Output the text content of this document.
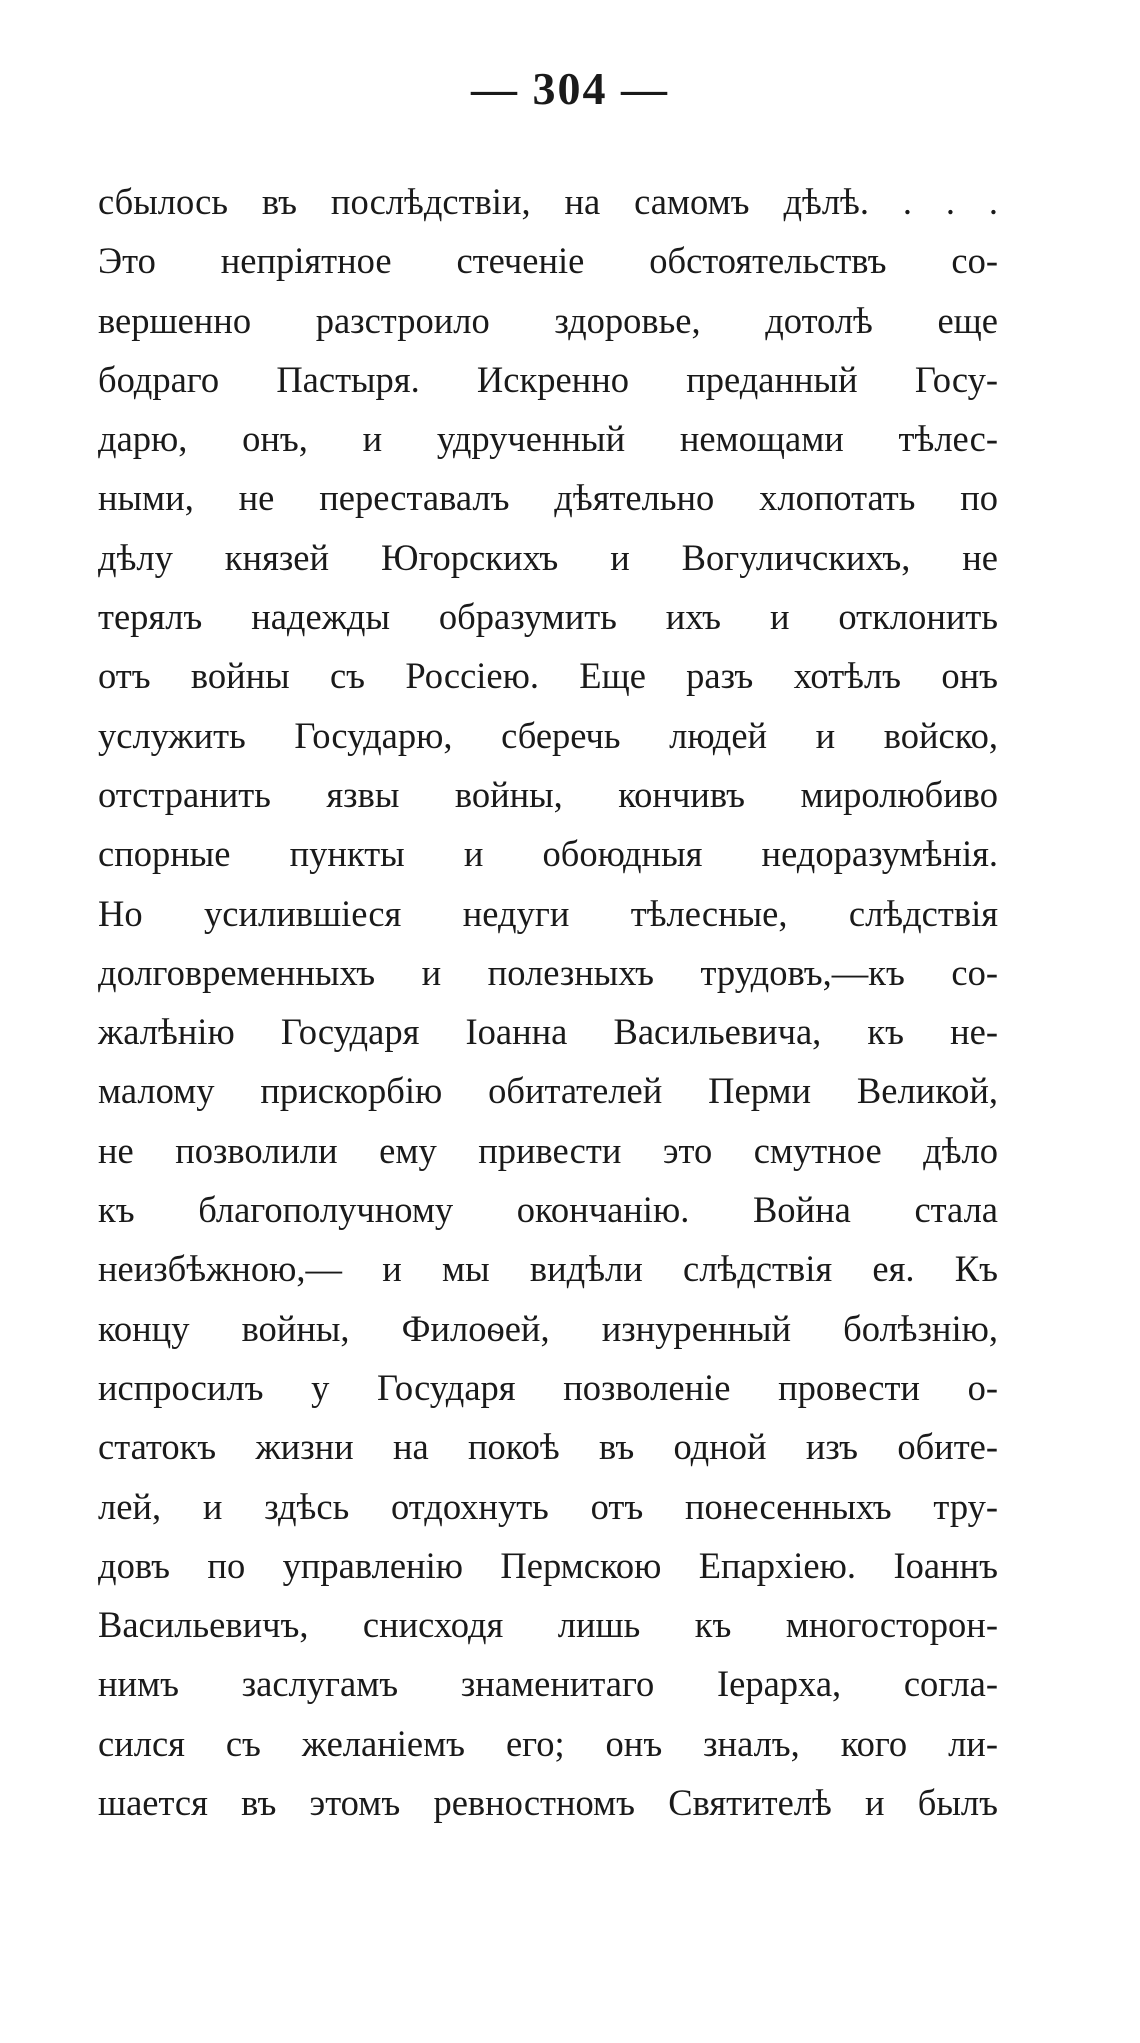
— 304 —
сбылось въ послѣдствіи, на самомъ дѣлѣ. . . .
Это непріятное стеченіе обстоятельствъ со-
вершенно разстроило здоровье, дотолѣ еще
бодраго Пастыря. Искренно преданный Госу-
дарю, онъ, и удрученный немощами тѣлес-
ными, не переставалъ дѣятельно хлопотать по
дѣлу князей Югорскихъ и Вогуличскихъ, не
терялъ надежды образумить ихъ и отклонить
отъ войны съ Россіею. Еще разъ хотѣлъ онъ
услужить Государю, сберечь людей и войско,
отстранить язвы войны, кончивъ миролюбиво
спорные пункты и обоюдныя недоразумѣнія.
Но усилившіеся недуги тѣлесные, слѣдствія
долговременныхъ и полезныхъ трудовъ,—къ со-
жалѣнію Государя Іоанна Васильевича, къ не-
малому прискорбію обитателей Перми Великой,
не позволили ему привести это смутное дѣло
къ благополучному окончанію. Война стала
неизбѣжною,— и мы видѣли слѣдствія ея. Къ
концу войны, Филоѳей, изнуренный болѣзнію,
испросилъ у Государя позволеніе провести о-
статокъ жизни на покоѣ въ одной изъ обите-
лей, и здѣсь отдохнуть отъ понесенныхъ тру-
довъ по управленію Пермскою Епархіею. Іоаннъ
Васильевичъ, снисходя лишь къ многосторон-
нимъ заслугамъ знаменитаго Іерарха, согла-
сился съ желаніемъ его; онъ зналъ, кого ли-
шается въ этомъ ревностномъ Святителѣ и былъ
